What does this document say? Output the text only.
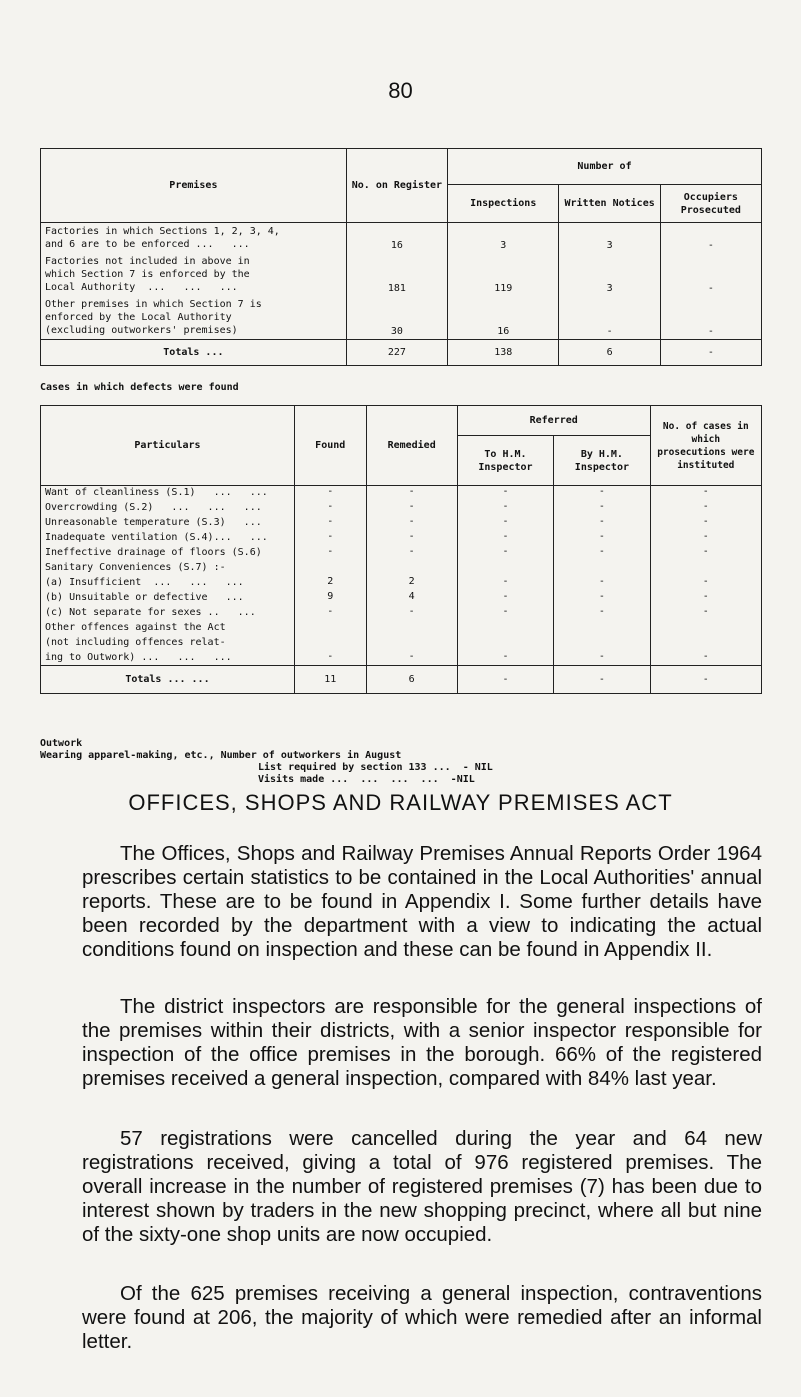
80
Premises	No. on Register	Number of		
		Inspections	Written Notices	Occupiers Prosecuted

Factories in which Sections 1, 2, 3, 4,
and 6 are to be enforced ...   ...	16	3	3	-

Factories not included in above in
which Section 7 is enforced by the
Local Authority  ...   ...   ...	181	119	3	-

Other premises in which Section 7 is
enforced by the Local Authority
(excluding outworkers' premises)	30	16	-	-
Totals ...	227	138	6	-
Cases in which defects were found
Particulars	Found	Remedied	Referred		No. of cases in which prosecutions were instituted
			To H.M. Inspector	By H.M. Inspector	
Want of cleanliness (S.1)   ...   ...	-	-	-	-	-
Overcrowding (S.2)   ...   ...   ...	-	-	-	-	-
Unreasonable temperature (S.3)   ...	-	-	-	-	-
Inadequate ventilation (S.4)...   ...	-	-	-	-	-
Ineffective drainage of floors (S.6)	-	-	-	-	-
Sanitary Conveniences (S.7) :-					
(a) Insufficient  ...   ...   ...	2	2	-	-	-
(b) Unsuitable or defective   ...	9	4	-	-	-
(c) Not separate for sexes ..   ...	-	-	-	-	-
Other offences against the Act					
(not including offences relat-					
ing to Outwork) ...   ...   ...	-	-	-	-	-
Totals ... ...	11	6	-	-	-
Outwork
Wearing apparel-making, etc., Number of outworkers in August
List required by section 133 ... - NIL
Visits made ...  ...  ...  ... -NIL
OFFICES, SHOPS AND RAILWAY PREMISES ACT

The Offices, Shops and Railway Premises Annual Reports Order 1964 prescribes certain statistics to be contained in the Local Authorities' annual reports. These are to be found in Appendix I. Some further details have been recorded by the department with a view to indicating the actual conditions found on inspection and these can be found in Appendix II.

The district inspectors are responsible for the general inspections of the premises within their districts, with a senior inspector responsible for inspection of the office premises in the borough. 66% of the registered premises received a general inspection, compared with 84% last year.

57 registrations were cancelled during the year and 64 new registrations received, giving a total of 976 registered premises. The overall increase in the number of registered premises (7) has been due to interest shown by traders in the new shopping precinct, where all but nine of the sixty-one shop units are now occupied.

Of the 625 premises receiving a general inspection, contraventions were found at 206, the majority of which were remedied after an informal letter.
